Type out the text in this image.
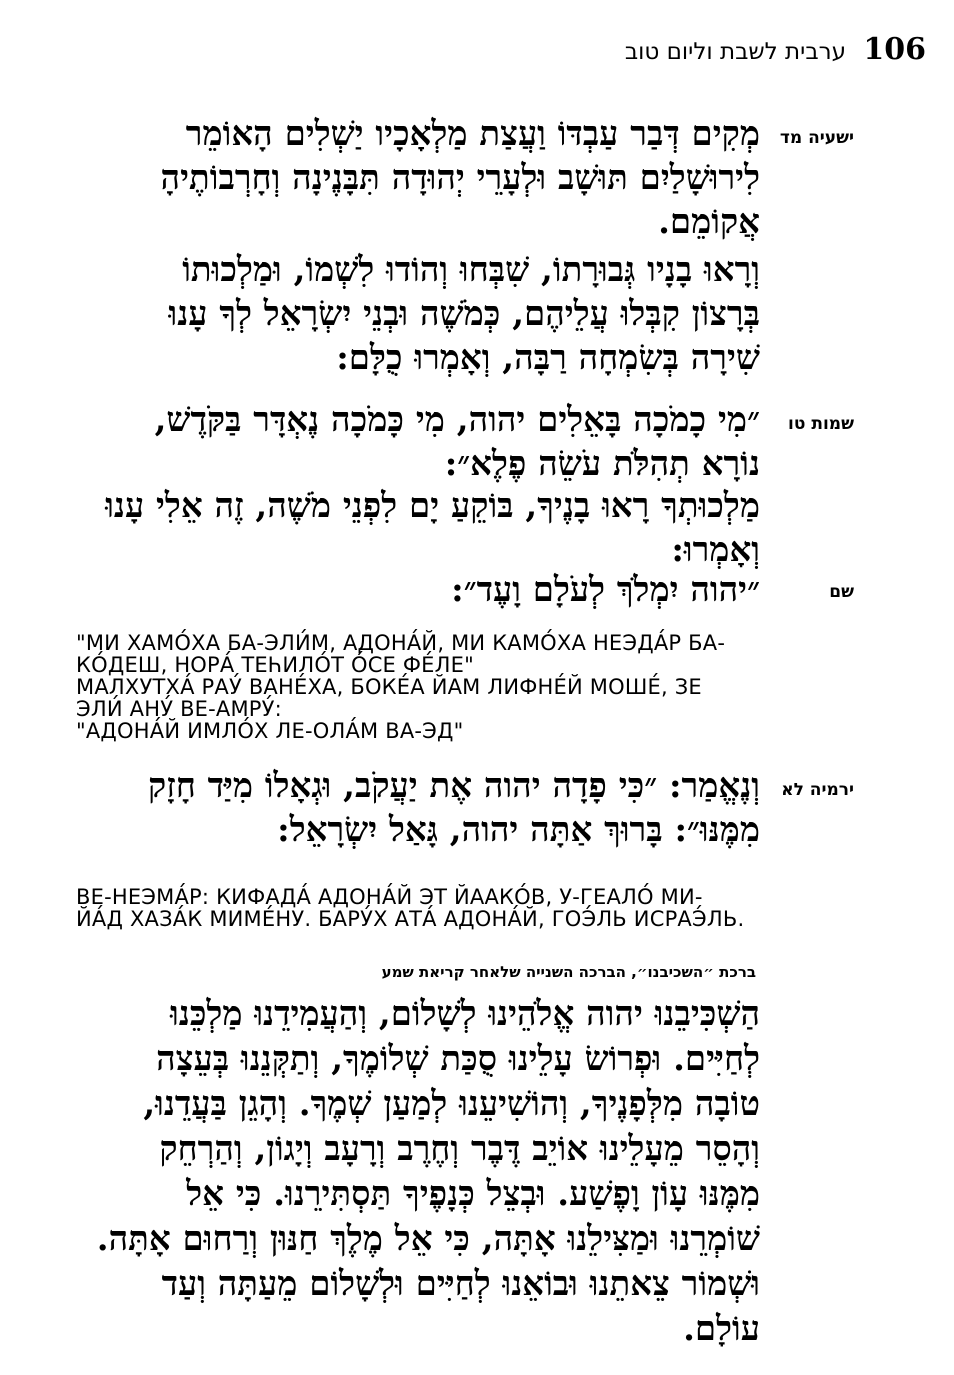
ערבית לשבת וליום טוב 106
ישעיה מד
מְקִים דְּבַר עַבְדּוֹ וַעֲצַת מַלְאָכָיו יַשְׁלִים הָאוֹמֵר
לִירוּשָׁלַיִם תּוּשָׁב וּלְעָרֵי יְהוּדָה תִּבָּנֶינָה וְחָרְבוֹתֶיהָ
אֲקוֹמֵם.
וְרָאוּ בָנָיו גְּבוּרָתוֹ, שִׁבְּחוּ וְהוֹדוּ לִשְׁמוֹ, וּמַלְכוּתוֹ
בְּרָצוֹן קִבְּלוּ עֲלֵיהֶם, כְּמֹשֶׁה וּבְנֵי יִשְׂרָאֵל לְךָ עָנוּ
שִׁירָה בְּשִׂמְחָה רַבָּה, וְאָמְרוּ כֻלָּם:
שמות טו
״מִי כָמֹכָה בָּאֵלִים יהוה, מִי כָּמֹכָה נֶאְדָּר בַּקֹּדֶשׁ,
נוֹרָא תְהִלֹּת עֹשֵׂה פֶלֶא״:
מַלְכוּתְךָ רָאוּ בָנֶיךָ, בּוֹקֵעַ יָם לִפְנֵי מֹשֶׁה, זֶה אֵלִי עָנוּ
וְאָמְרוּ:
שם
״יהוה יִמְלֹךְ לְעֹלָם וָעֶד״:
"МИ ХАМО́ХА БА-ЭЛИ́М, АДОНА́Й, МИ КАМО́ХА НЕЭДА́Р БА-
КО́ДЕШ, НОРА́ ТЕҺИЛО́Т О́СЕ ФЕ́ЛЕ"
МАЛХУТХА́ РАУ́ ВАНЕ́ХА, БОКЕ́А ЙАМ ЛИФНЕ́Й МОШЕ́, ЗЕ
ЭЛИ́ АНУ́ ВЕ-АМРУ́:
"АДОНА́Й ИМЛО́Х ЛЕ-ОЛА́М ВА-ЭД"
ירמיה לא
וְנֶאֱמַר: ״כִּי פָדָה יהוה אֶת יַעֲקֹב, וּגְאָלוֹ מִיַּד חָזָק
מִמֶּנּוּ״: בָּרוּךְ אַתָּה יהוה, גָּאַל יִשְׂרָאֵל:
ВЕ-НЕЭМА́Р: КИФАДА́ АДОНА́Й ЭТ ЙААКО́В, У-ГЕАЛО́ МИ-
ЙА́Д ХАЗА́К МИМЕ́НУ. БАРУ́Х АТА́ АДОНА́Й, ГОЭ́ЛЬ ИСРАЭ́ЛЬ.
ברכת ״השכיבנו״, הברכה השנייה שלאחר קריאת שמע
הַשְׁכִּיבֵנוּ יהוה אֱלֹהֵינוּ לְשָׁלוֹם, וְהַעֲמִידֵנוּ מַלְכֵּנוּ
לְחַיִּים. וּפְרוֹשׂ עָלֵינוּ סֻכַּת שְׁלוֹמֶךָ, וְתַקְּנֵנוּ בְּעֵצָה
טוֹבָה מִלְּפָנֶיךָ, וְהוֹשִׁיעֵנוּ לְמַעַן שְׁמֶךָ. וְהָגֵן בַּעֲדֵנוּ,
וְהָסֵר מֵעָלֵינוּ אוֹיֵב דֶּבֶר וְחֶרֶב וְרָעָב וְיָגוֹן, וְהַרְחֵק
מִמֶּנּוּ עָוֹן וָפֶשַׁע. וּבְצֵל כְּנָפֶיךָ תַּסְתִּירֵנוּ. כִּי אֵל
שׁוֹמְרֵנוּ וּמַצִּילֵנוּ אָתָּה, כִּי אֵל מֶלֶךְ חַנּוּן וְרַחוּם אָתָּה.
וּשְׁמוֹר צֵאתֵנוּ וּבוֹאֵנוּ לְחַיִּים וּלְשָׁלוֹם מֵעַתָּה וְעַד
עוֹלָם.
